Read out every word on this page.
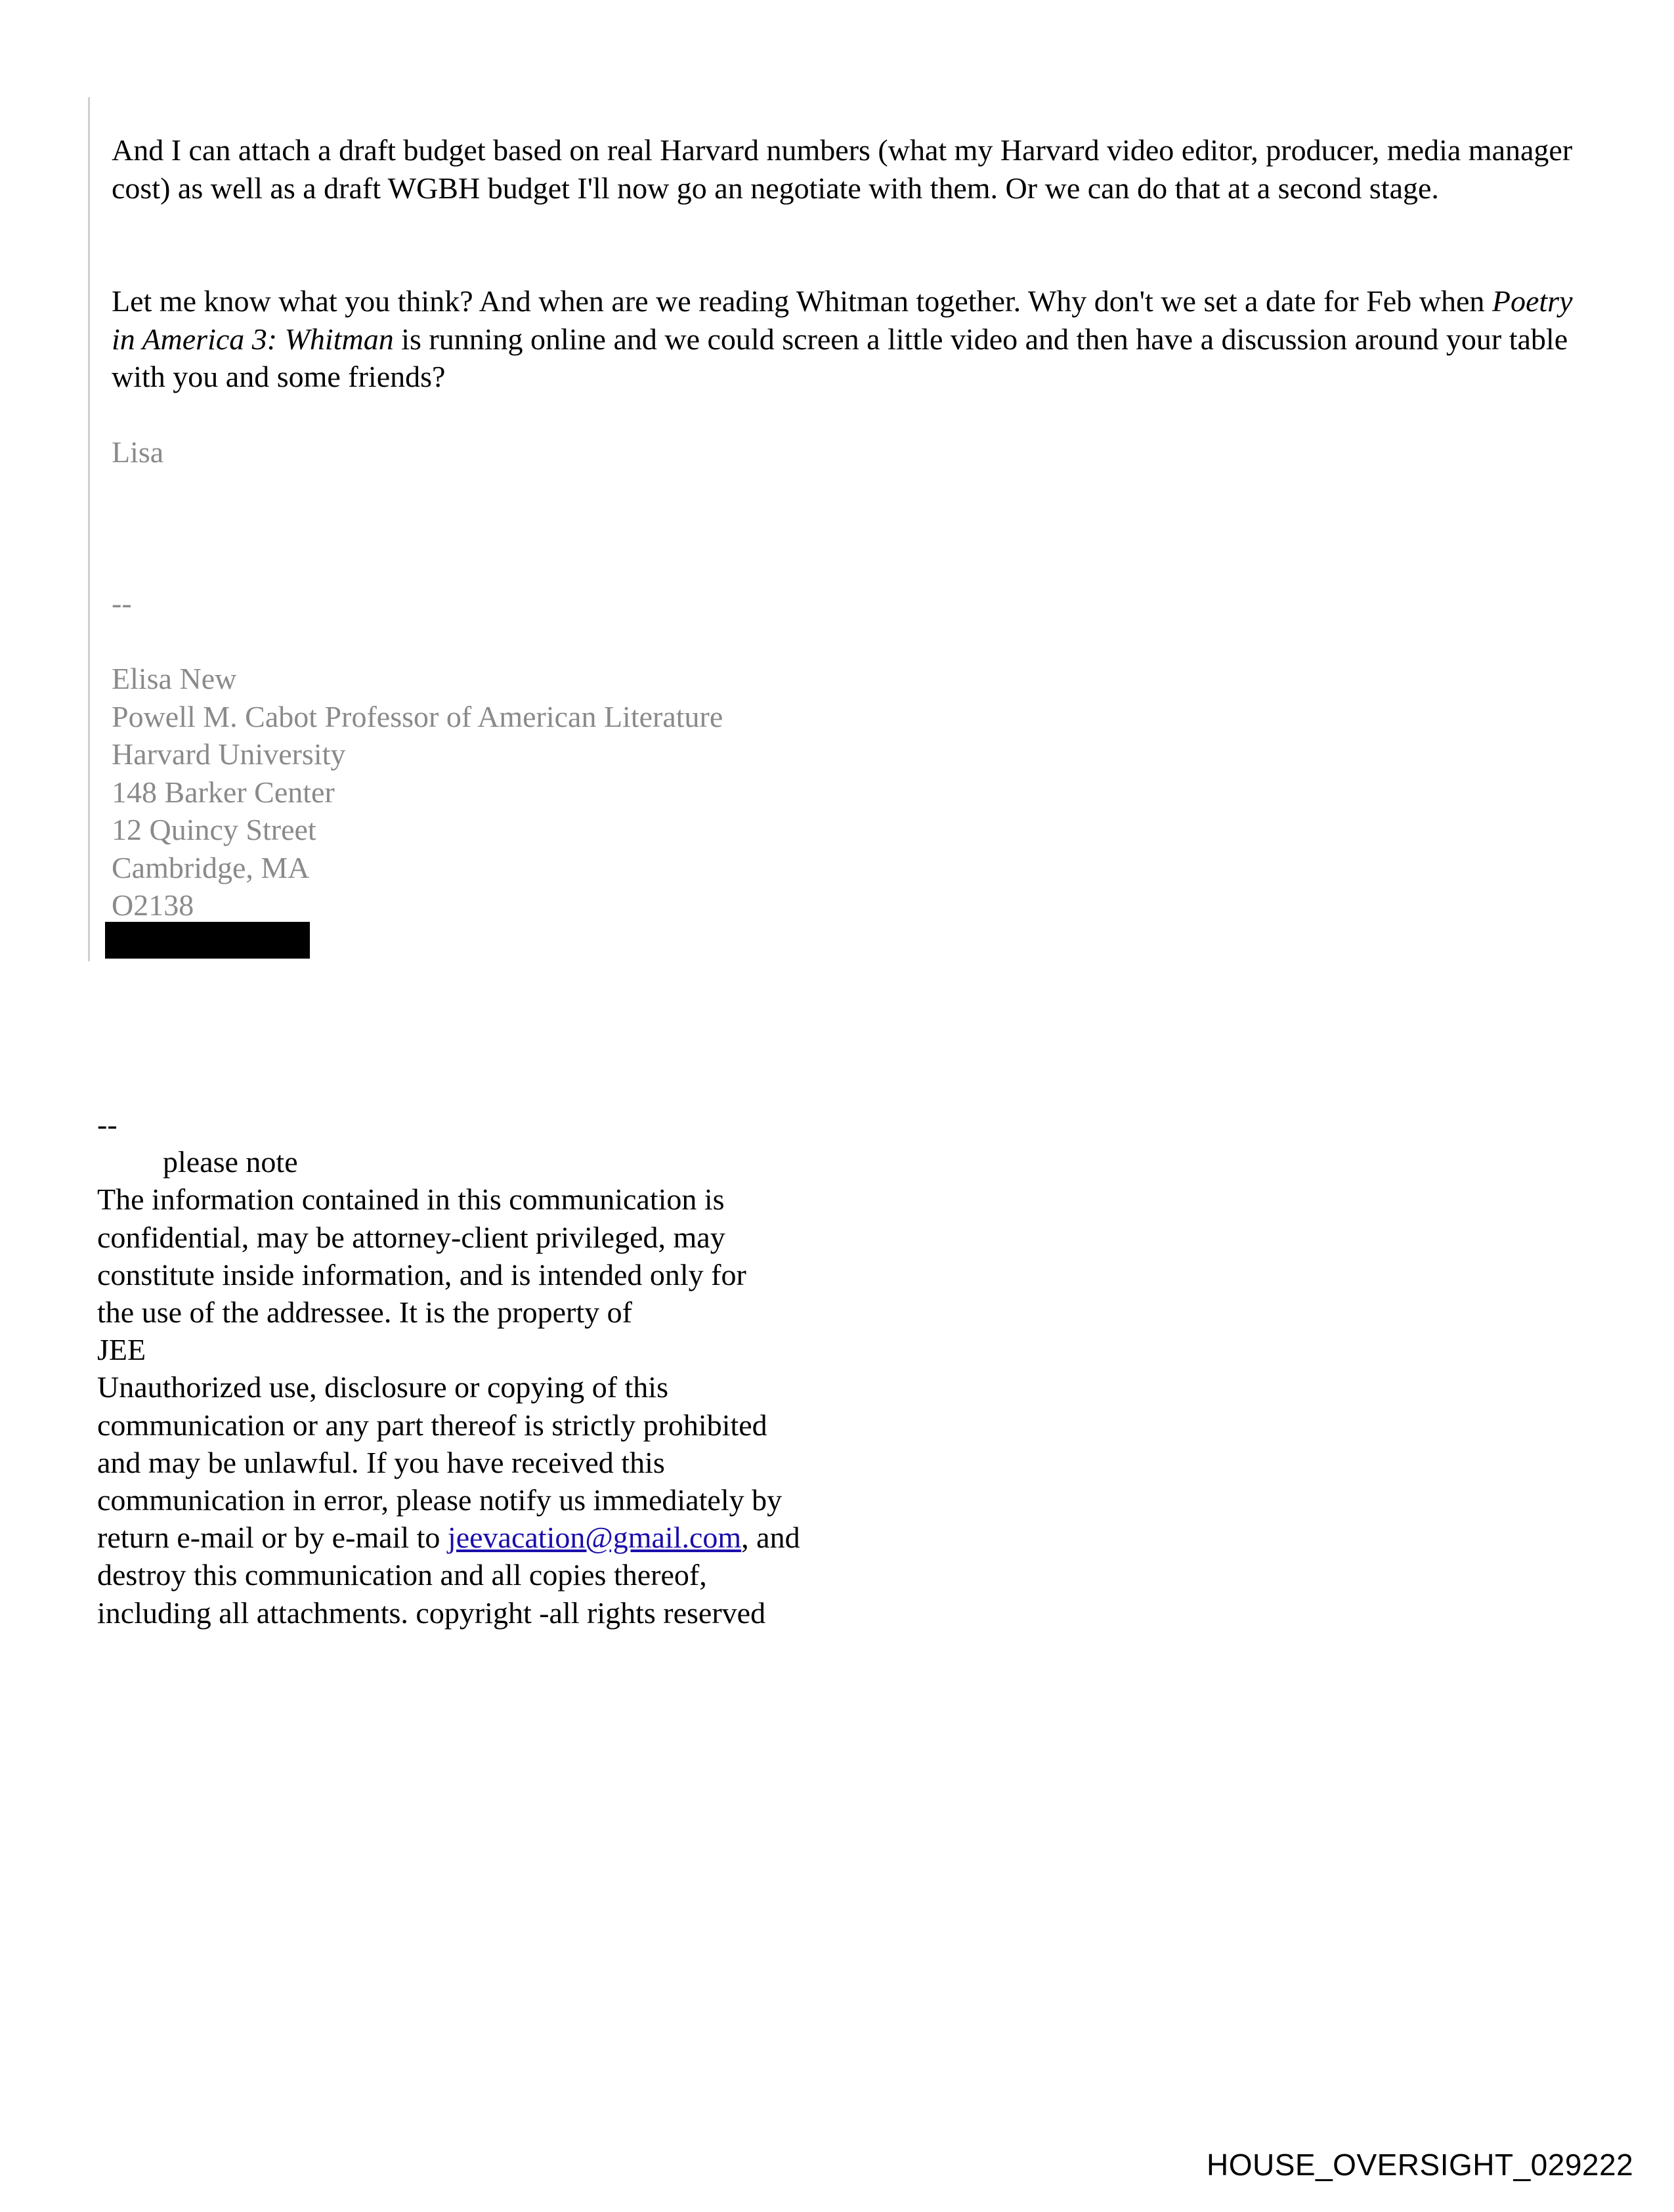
And I can attach a draft budget based on real Harvard numbers (what my Harvard video editor, producer, media manager cost) as well as a draft WGBH budget I'll now go an negotiate with them. Or we can do that at a second stage.

Let me know what you think? And when are we reading Whitman together. Why don't we set a date for Feb when Poetry in America 3: Whitman is running online and we could screen a little video and then have a discussion around your table with you and some friends?

Lisa

--

Elisa New
Powell M. Cabot Professor of American Literature
Harvard University
148 Barker Center
12 Quincy Street
Cambridge, MA
O2138
--
please note
The information contained in this communication is
confidential, may be attorney-client privileged, may
constitute inside information, and is intended only for
the use of the addressee. It is the property of
JEE
Unauthorized use, disclosure or copying of this
communication or any part thereof is strictly prohibited
and may be unlawful. If you have received this
communication in error, please notify us immediately by
return e-mail or by e-mail to jeevacation@gmail.com, and
destroy this communication and all copies thereof,
including all attachments. copyright -all rights reserved
HOUSE_OVERSIGHT_029222
